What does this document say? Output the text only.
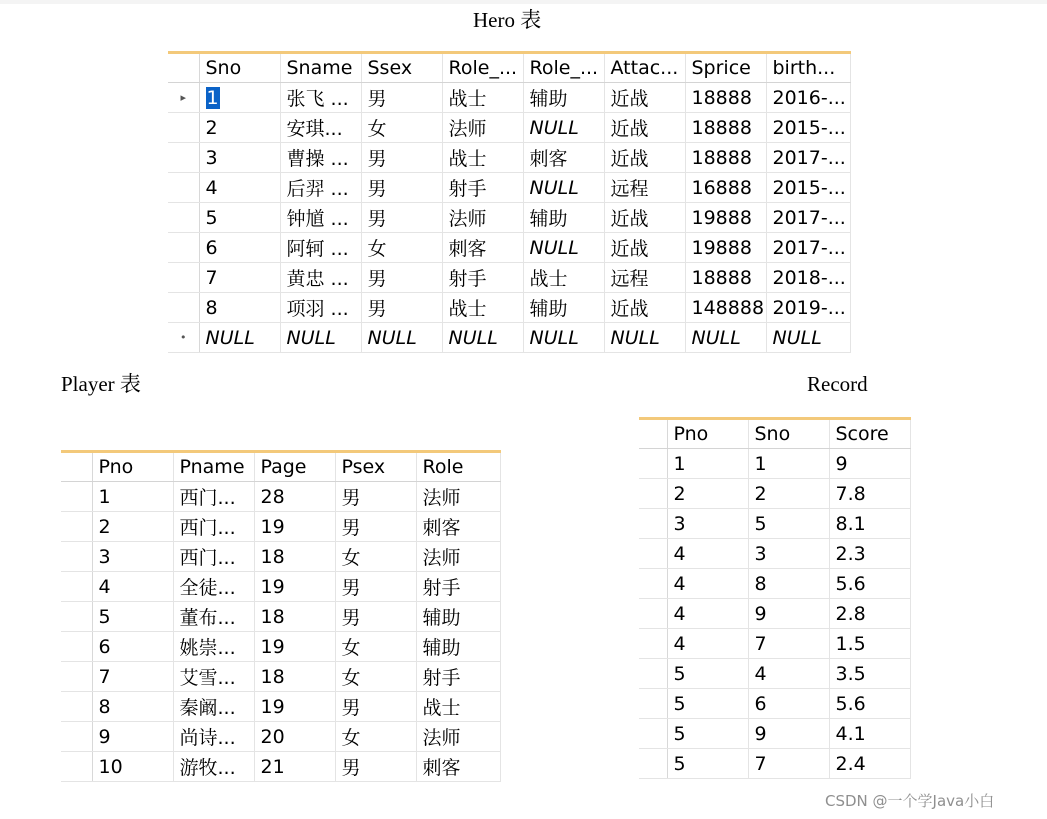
Hero 表
	Sno	Sname	Ssex	Role_...	Role_...	Attac...	Sprice	birth...
▸	1	张飞 ...	男	战士	辅助	近战	18888	2016-...
	2	安琪...	女	法师	NULL	近战	18888	2015-...
	3	曹操 ...	男	战士	刺客	近战	18888	2017-...
	4	后羿 ...	男	射手	NULL	远程	16888	2015-...
	5	钟馗 ...	男	法师	辅助	近战	19888	2017-...
	6	阿轲 ...	女	刺客	NULL	近战	19888	2017-...
	7	黄忠 ...	男	射手	战士	远程	18888	2018-...
	8	项羽 ...	男	战士	辅助	近战	148888	2019-...
•	NULL	NULL	NULL	NULL	NULL	NULL	NULL	NULL
Player 表
	Pno	Pname	Page	Psex	Role
	1	西门...	28	男	法师
	2	西门...	19	男	刺客
	3	西门...	18	女	法师
	4	全徒...	19	男	射手
	5	董布...	18	男	辅助
	6	姚崇...	19	女	辅助
	7	艾雪...	18	女	射手
	8	秦阚...	19	男	战士
	9	尚诗...	20	女	法师
	10	游牧...	21	男	刺客
Record
	Pno	Sno	Score
	1	1	9
	2	2	7.8
	3	5	8.1
	4	3	2.3
	4	8	5.6
	4	9	2.8
	4	7	1.5
	5	4	3.5
	5	6	5.6
	5	9	4.1
	5	7	2.4
CSDN @一个学Java小白
